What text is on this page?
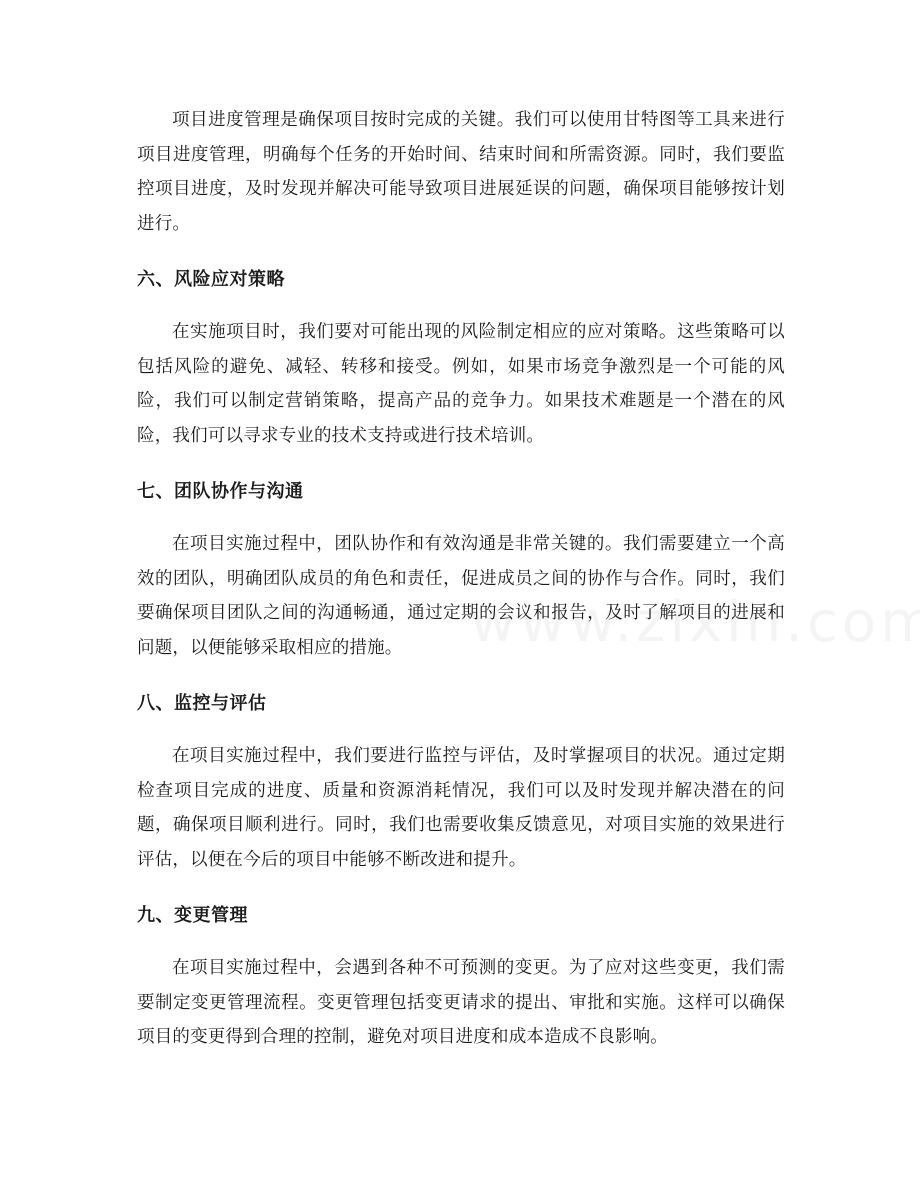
项目进度管理是确保项目按时完成的关键。我们可以使用甘特图等工具来进行项目进度管理，明确每个任务的开始时间、结束时间和所需资源。同时，我们要监控项目进度，及时发现并解决可能导致项目进展延误的问题，确保项目能够按计划进行。

六、风险应对策略

在实施项目时，我们要对可能出现的风险制定相应的应对策略。这些策略可以包括风险的避免、减轻、转移和接受。例如，如果市场竞争激烈是一个可能的风险，我们可以制定营销策略，提高产品的竞争力。如果技术难题是一个潜在的风险，我们可以寻求专业的技术支持或进行技术培训。

七、团队协作与沟通

在项目实施过程中，团队协作和有效沟通是非常关键的。我们需要建立一个高效的团队，明确团队成员的角色和责任，促进成员之间的协作与合作。同时，我们要确保项目团队之间的沟通畅通，通过定期的会议和报告，及时了解项目的进展和问题，以便能够采取相应的措施。

八、监控与评估

在项目实施过程中，我们要进行监控与评估，及时掌握项目的状况。通过定期检查项目完成的进度、质量和资源消耗情况，我们可以及时发现并解决潜在的问题，确保项目顺利进行。同时，我们也需要收集反馈意见，对项目实施的效果进行评估，以便在今后的项目中能够不断改进和提升。

九、变更管理

在项目实施过程中，会遇到各种不可预测的变更。为了应对这些变更，我们需要制定变更管理流程。变更管理包括变更请求的提出、审批和实施。这样可以确保项目的变更得到合理的控制，避免对项目进度和成本造成不良影响。
